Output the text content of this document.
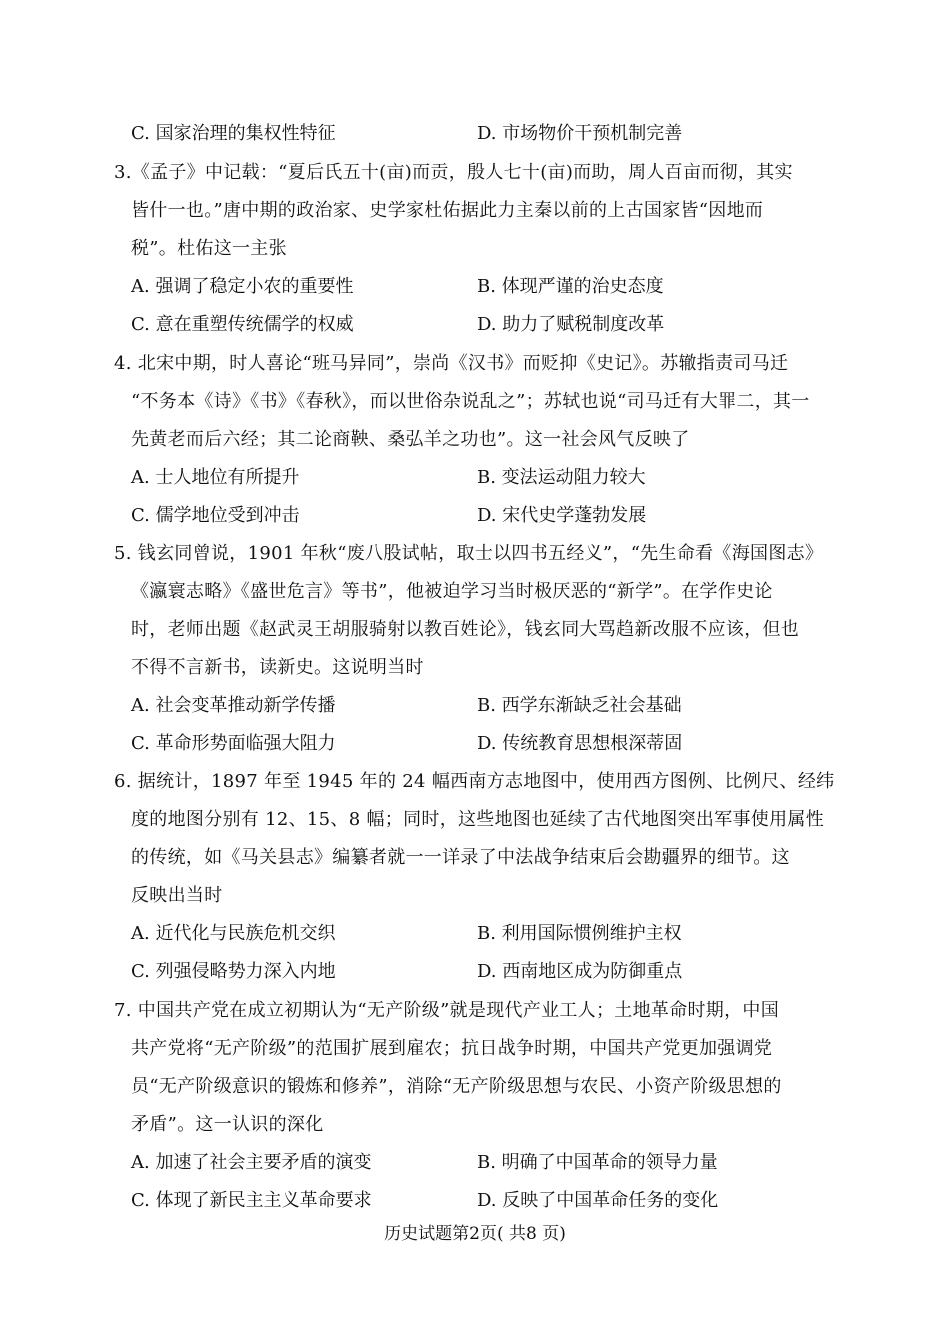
C. 国家治理的集权性特征	D. 市场物价干预机制完善
3.《孟子》中记载：“夏后氏五十(亩)而贡，殷人七十(亩)而助，周人百亩而彻，其实
皆什一也。”唐中期的政治家、史学家杜佑据此力主秦以前的上古国家皆“因地而
税”。杜佑这一主张
A. 强调了稳定小农的重要性	B. 体现严谨的治史态度
C. 意在重塑传统儒学的权威	D. 助力了赋税制度改革
4. 北宋中期，时人喜论“班马异同”，崇尚《汉书》而贬抑《史记》。苏辙指责司马迁
“不务本《诗》《书》《春秋》，而以世俗杂说乱之”；苏轼也说“司马迁有大罪二，其一
先黄老而后六经；其二论商鞅、桑弘羊之功也”。这一社会风气反映了
A. 士人地位有所提升	B. 变法运动阻力较大
C. 儒学地位受到冲击	D. 宋代史学蓬勃发展
5. 钱玄同曾说，1901 年秋“废八股试帖，取士以四书五经义”，“先生命看《海国图志》
《瀛寰志略》《盛世危言》等书”，他被迫学习当时极厌恶的“新学”。在学作史论
时，老师出题《赵武灵王胡服骑射以教百姓论》，钱玄同大骂趋新改服不应该，但也
不得不言新书，读新史。这说明当时
A. 社会变革推动新学传播	B. 西学东渐缺乏社会基础
C. 革命形势面临强大阻力	D. 传统教育思想根深蒂固
6. 据统计，1897 年至 1945 年的 24 幅西南方志地图中，使用西方图例、比例尺、经纬
度的地图分别有 12、15、8 幅；同时，这些地图也延续了古代地图突出军事使用属性
的传统，如《马关县志》编纂者就一一详录了中法战争结束后会勘疆界的细节。这
反映出当时
A. 近代化与民族危机交织	B. 利用国际惯例维护主权
C. 列强侵略势力深入内地	D. 西南地区成为防御重点
7. 中国共产党在成立初期认为“无产阶级”就是现代产业工人；土地革命时期，中国
共产党将“无产阶级”的范围扩展到雇农；抗日战争时期，中国共产党更加强调党
员“无产阶级意识的锻炼和修养”，消除“无产阶级思想与农民、小资产阶级思想的
矛盾”。这一认识的深化
A. 加速了社会主要矛盾的演变	B. 明确了中国革命的领导力量
C. 体现了新民主主义革命要求	D. 反映了中国革命任务的变化
历史试题第2页( 共8 页)
